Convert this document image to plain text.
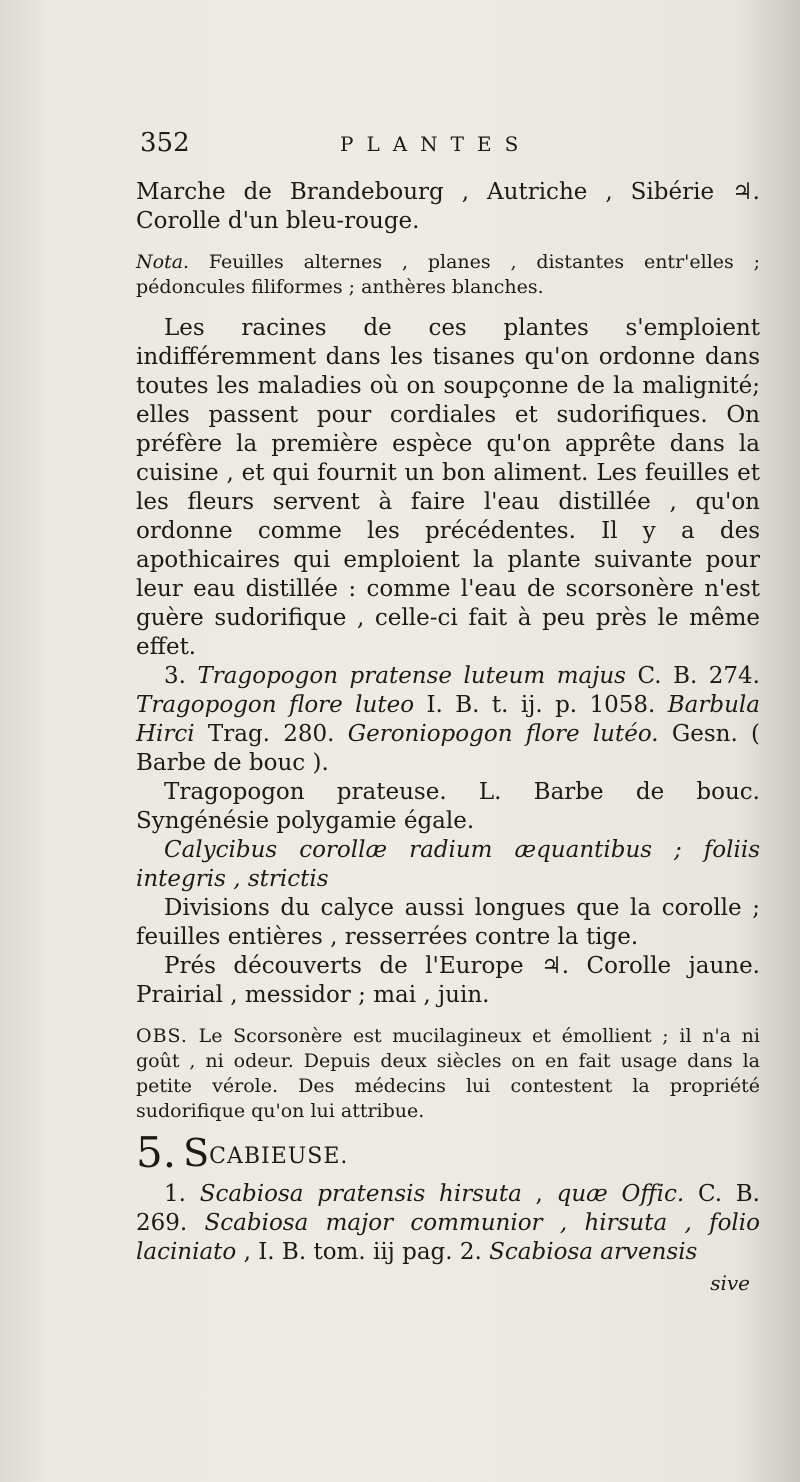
352	PLANTES

Marche de Brandebourg , Autriche , Sibérie ♃. Corolle d'un bleu-rouge.

Nota. Feuilles alternes , planes , distantes entr'elles ; pédoncules filiformes ; anthères blanches.

Les racines de ces plantes s'emploient indifféremment dans les tisanes qu'on ordonne dans toutes les maladies où on soupçonne de la malignité; elles passent pour cordiales et sudorifiques. On préfère la première espèce qu'on apprête dans la cuisine , et qui fournit un bon aliment. Les feuilles et les fleurs servent à faire l'eau distillée , qu'on ordonne comme les précédentes. Il y a des apothicaires qui emploient la plante suivante pour leur eau distillée : comme l'eau de scorsonère n'est guère sudorifique , celle-ci fait à peu près le même effet.

3. Tragopogon pratense luteum majus C. B. 274. Tragopogon flore luteo I. B. t. ij. p. 1058. Barbula Hirci Trag. 280. Geroniopogon flore lutéo. Gesn. ( Barbe de bouc ).

Tragopogon prateuse. L. Barbe de bouc. Syngénésie polygamie égale.

Calycibus corollæ radium æquantibus ; foliis integris , strictis

Divisions du calyce aussi longues que la corolle ; feuilles entières , resserrées contre la tige.

Prés découverts de l'Europe ♃. Corolle jaune. Prairial , messidor ; mai , juin.

OBS. Le Scorsonère est mucilagineux et émollient ; il n'a ni goût , ni odeur. Depuis deux siècles on en fait usage dans la petite vérole. Des médecins lui contestent la propriété sudorifique qu'on lui attribue.

5. SCABIEUSE.

1. Scabiosa pratensis hirsuta , quæ Offic. C. B. 269. Scabiosa major communior , hirsuta , folio laciniato , I. B. tom. iij pag. 2. Scabiosa arvensis

sive
